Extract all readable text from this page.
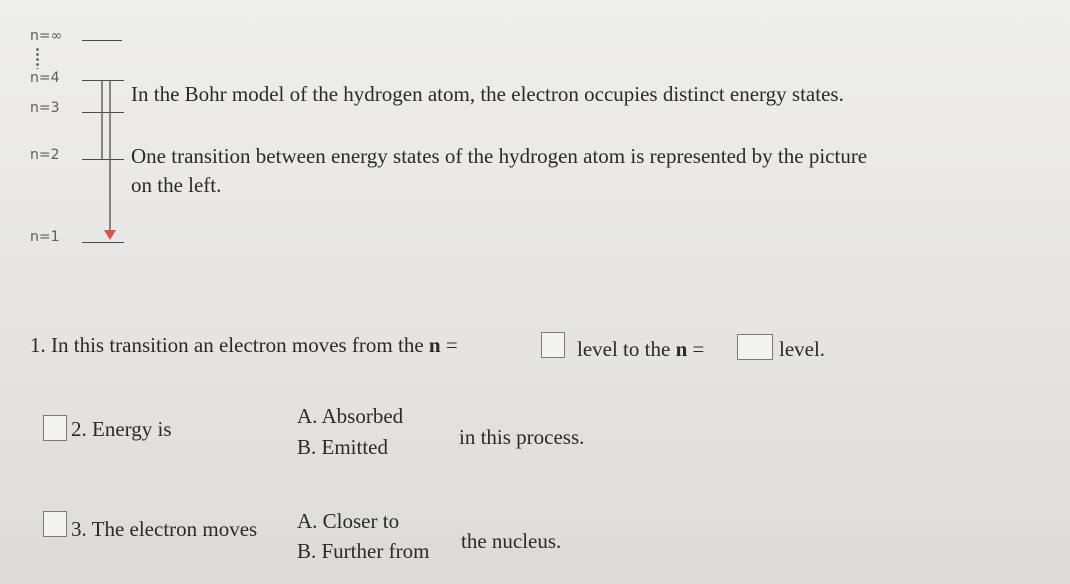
n=∞
n=4
n=3
n=2
n=1
In the Bohr model of the hydrogen atom, the electron occupies distinct energy states.
One transition between energy states of the hydrogen atom is represented by the picture
on the left.
1. In this transition an electron moves from the n =	level to the n =	level.
2. Energy is
A. Absorbed
B. Emitted	in this process.
3. The electron moves A. Closer to
B. Further from the nucleus.
